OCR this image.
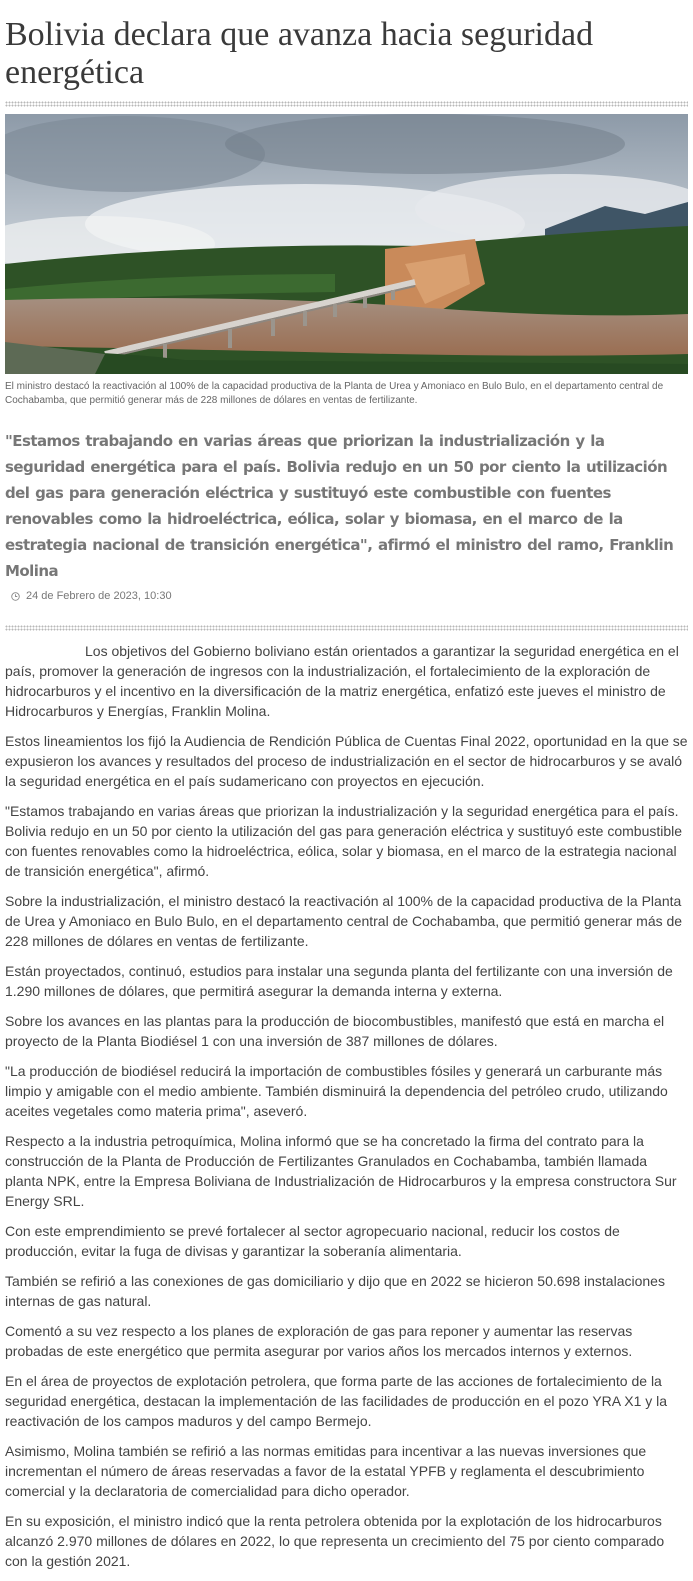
Bolivia declara que avanza hacia seguridad energética

El ministro destacó la reactivación al 100% de la capacidad productiva de la Planta de Urea y Amoniaco en Bulo Bulo, en el departamento central de Cochabamba, que permitió generar más de 228 millones de dólares en ventas de fertilizante.

"Estamos trabajando en varias áreas que priorizan la industrialización y la seguridad energética para el país. Bolivia redujo en un 50 por ciento la utilización del gas para generación eléctrica y sustituyó este combustible con fuentes renovables como la hidroeléctrica, eólica, solar y biomasa, en el marco de la estrategia nacional de transición energética", afirmó el ministro del ramo, Franklin Molina

24 de Febrero de 2023, 10:30

Los objetivos del Gobierno boliviano están orientados a garantizar la seguridad energética en el país, promover la generación de ingresos con la industrialización, el fortalecimiento de la exploración de hidrocarburos y el incentivo en la diversificación de la matriz energética, enfatizó este jueves el ministro de Hidrocarburos y Energías, Franklin Molina.

Estos lineamientos los fijó la Audiencia de Rendición Pública de Cuentas Final 2022, oportunidad en la que se expusieron los avances y resultados del proceso de industrialización en el sector de hidrocarburos y se avaló la seguridad energética en el país sudamericano con proyectos en ejecución.

"Estamos trabajando en varias áreas que priorizan la industrialización y la seguridad energética para el país. Bolivia redujo en un 50 por ciento la utilización del gas para generación eléctrica y sustituyó este combustible con fuentes renovables como la hidroeléctrica, eólica, solar y biomasa, en el marco de la estrategia nacional de transición energética", afirmó.

Sobre la industrialización, el ministro destacó la reactivación al 100% de la capacidad productiva de la Planta de Urea y Amoniaco en Bulo Bulo, en el departamento central de Cochabamba, que permitió generar más de 228 millones de dólares en ventas de fertilizante.

Están proyectados, continuó, estudios para instalar una segunda planta del fertilizante con una inversión de 1.290 millones de dólares, que permitirá asegurar la demanda interna y externa.

Sobre los avances en las plantas para la producción de biocombustibles, manifestó que está en marcha el proyecto de la Planta Biodiésel 1 con una inversión de 387 millones de dólares.

"La producción de biodiésel reducirá la importación de combustibles fósiles y generará un carburante más limpio y amigable con el medio ambiente. También disminuirá la dependencia del petróleo crudo, utilizando aceites vegetales como materia prima", aseveró.

Respecto a la industria petroquímica, Molina informó que se ha concretado la firma del contrato para la construcción de la Planta de Producción de Fertilizantes Granulados en Cochabamba, también llamada planta NPK, entre la Empresa Boliviana de Industrialización de Hidrocarburos y la empresa constructora Sur Energy SRL.

Con este emprendimiento se prevé fortalecer al sector agropecuario nacional, reducir los costos de producción, evitar la fuga de divisas y garantizar la soberanía alimentaria.

También se refirió a las conexiones de gas domiciliario y dijo que en 2022 se hicieron 50.698 instalaciones internas de gas natural.

Comentó a su vez respecto a los planes de exploración de gas para reponer y aumentar las reservas probadas de este energético que permita asegurar por varios años los mercados internos y externos.

En el área de proyectos de explotación petrolera, que forma parte de las acciones de fortalecimiento de la seguridad energética, destacan la implementación de las facilidades de producción en el pozo YRA X1 y la reactivación de los campos maduros y del campo Bermejo.

Asimismo, Molina también se refirió a las normas emitidas para incentivar a las nuevas inversiones que incrementan el número de áreas reservadas a favor de la estatal YPFB y reglamenta el descubrimiento comercial y la declaratoria de comercialidad para dicho operador.

En su exposición, el ministro indicó que la renta petrolera obtenida por la explotación de los hidrocarburos alcanzó 2.970 millones de dólares en 2022, lo que representa un crecimiento del 75 por ciento comparado con la gestión 2021.
